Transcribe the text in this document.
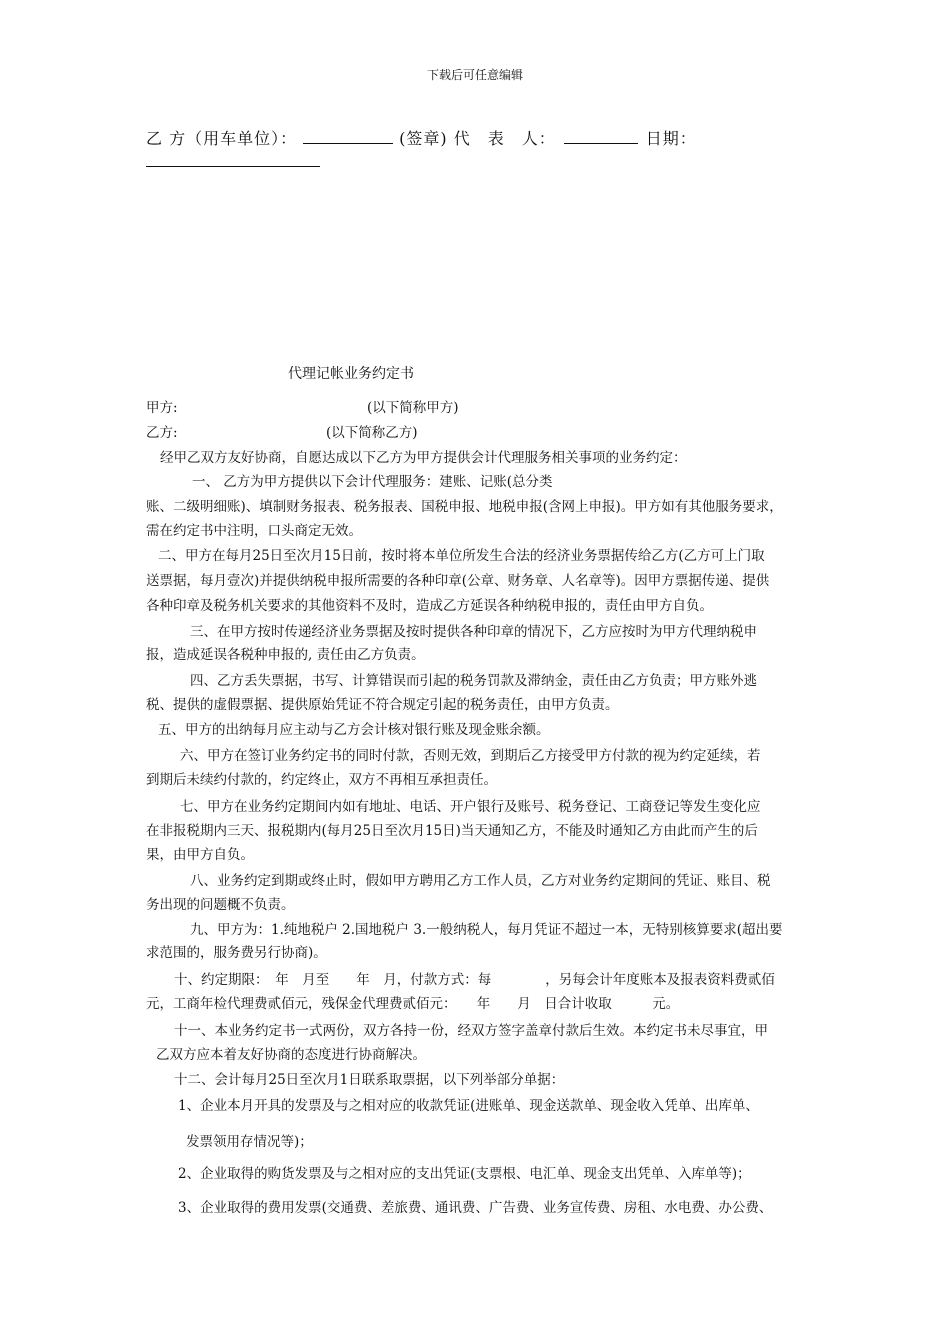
下载后可任意编辑
乙 方（用车单位）：	(签章) 代　表　人：	日期：
代理记帐业务约定书
甲方:	(以下简称甲方)
乙方:	(以下简称乙方)
经甲乙双方友好协商，自愿达成以下乙方为甲方提供会计代理服务相关事项的业务约定：
一、 乙方为甲方提供以下会计代理服务：建账、记账(总分类
账、二级明细账)、填制财务报表、税务报表、国税申报、地税申报(含网上申报)。甲方如有其他服务要求，
需在约定书中注明，口头商定无效。
二、甲方在每月25日至次月15日前，按时将本单位所发生合法的经济业务票据传给乙方(乙方可上门取
送票据，每月壹次)并提供纳税申报所需要的各种印章(公章、财务章、人名章等)。因甲方票据传递、提供
各种印章及税务机关要求的其他资料不及时，造成乙方延误各种纳税申报的，责任由甲方自负。
三、在甲方按时传递经济业务票据及按时提供各种印章的情况下，乙方应按时为甲方代理纳税申
报，造成延误各税种申报的, 责任由乙方负责。
四、乙方丢失票据，书写、计算错误而引起的税务罚款及滞纳金，责任由乙方负责；甲方账外逃
税、提供的虚假票据、提供原始凭证不符合规定引起的税务责任，由甲方负责。
五、甲方的出纳每月应主动与乙方会计核对银行账及现金账余额。
六、甲方在签订业务约定书的同时付款，否则无效，到期后乙方接受甲方付款的视为约定延续，若
到期后未续约付款的，约定终止，双方不再相互承担责任。
七、甲方在业务约定期间内如有地址、电话、开户银行及账号、税务登记、工商登记等发生变化应
在非报税期内三天、报税期内(每月25日至次月15日)当天通知乙方，不能及时通知乙方由此而产生的后
果，由甲方自负。
八、业务约定到期或终止时，假如甲方聘用乙方工作人员，乙方对业务约定期间的凭证、账目、税
务出现的问题概不负责。
九、甲方为：1.纯地税户 2.国地税户 3.一般纳税人，每月凭证不超过一本，无特别核算要求(超出要
求范围的，服务费另行协商)。
十、约定期限：　年　月至　　年　月，付款方式：每　　　　，另每会计年度账本及报表资料费贰佰
元，工商年检代理费贰佰元，残保金代理费贰佰元：　　年　　月　日合计收取　　　元。
十一、本业务约定书一式两份，双方各持一份，经双方签字盖章付款后生效。本约定书未尽事宜，甲
乙双方应本着友好协商的态度进行协商解决。
十二、会计每月25日至次月1日联系取票据，以下列举部分单据：
1、企业本月开具的发票及与之相对应的收款凭证(进账单、现金送款单、现金收入凭单、出库单、
发票领用存情况等)；
2、企业取得的购货发票及与之相对应的支出凭证(支票根、电汇单、现金支出凭单、入库单等)；
3、企业取得的费用发票(交通费、差旅费、通讯费、广告费、业务宣传费、房租、水电费、办公费、
